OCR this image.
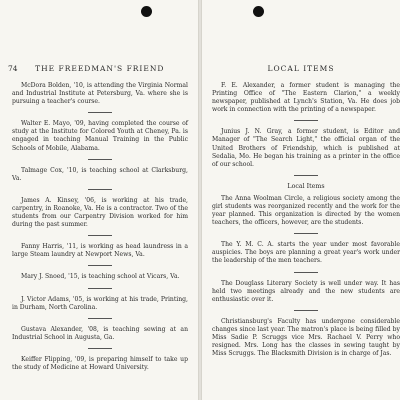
74 THE FREEDMAN'S FRIEND

McDora Bolden, '10, is attending the Virginia Normal and Industrial Institute at Petersburg, Va. where she is pursuing a teacher's course.

Walter E. Mayo, '09, having completed the course of study at the Institute for Colored Youth at Cheney, Pa. is engaged in teaching Manual Training in the Public Schools of Mobile, Alabama.

Talmage Cox, '10, is teaching school at Clarksburg, Va.

James A. Kinsey, '06, is working at his trade, carpentry, in Roanoke, Va. He is a contractor. Two of the students from our Carpentry Division worked for him during the past summer.

Fanny Harris, '11, is working as head laundress in a large Steam laundry at Newport News, Va.

Mary J. Snoed, '15, is teaching school at Vicars, Va.

J. Victor Adams, '05, is working at his trade, Printing, in Durham, North Carolina.

Gustava Alexander, '08, is teaching sewing at an Industrial School in Augusta, Ga.

Keiffer Flipping, '09, is preparing himself to take up the study of Medicine at Howard University.

LOCAL ITEMS

F. E. Alexander, a former student is managing the Printing Office of "The Eastern Clarion," a weekly newspaper, published at Lynch's Station, Va. He does job work in connection with the printing of a newspaper.

Junius J. N. Gray, a former student, is Editor and Manager of "The Search Light," the official organ of the United Brothers of Friendship, which is published at Sedalia, Mo. He began his training as a printer in the office of our school.

Local Items

The Anna Woolman Circle, a religious society among the girl students was reorganized recently and the work for the year planned. This organization is directed by the women teachers, the officers, however, are the students.

The Y. M. C. A. starts the year under most favorable auspicies. The boys are planning a great year's work under the leadership of the men teachers.

The Douglass Literary Society is well under way. It has held two meetings already and the new students are enthusiastic over it.

Christiansburg's Faculty has undergone considerable changes since last year. The matron's place is being filled by Miss Sadie P. Scruggs vice Mrs. Rachael V. Perry who resigned. Mrs. Long has the classes in sewing taught by Miss Scruggs. The Blacksmith Division is in charge of Jas.
